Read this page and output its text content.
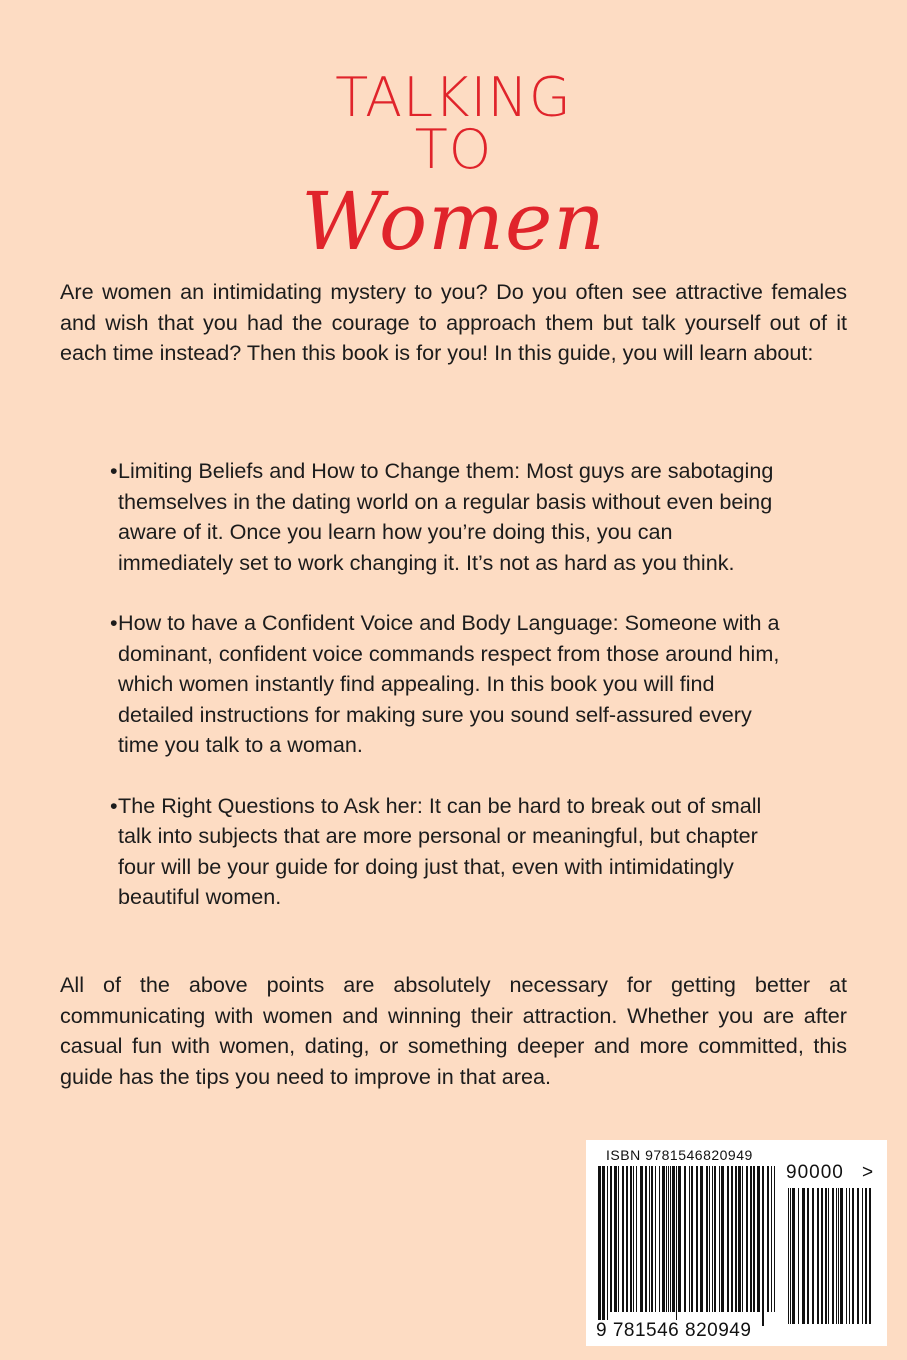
TALKING
TO
Women

Are women an intimidating mystery to you? Do you often see attractive females and wish that you had the courage to approach them but talk yourself out of it each time instead? Then this book is for you! In this guide, you will learn about:

• Limiting Beliefs and How to Change them: Most guys are sabotaging themselves in the dating world on a regular basis without even being aware of it. Once you learn how you’re doing this, you can immediately set to work changing it. It’s not as hard as you think.
• How to have a Confident Voice and Body Language: Someone with a dominant, confident voice commands respect from those around him, which women instantly find appealing. In this book you will find detailed instructions for making sure you sound self-assured every time you talk to a woman.
• The Right Questions to Ask her: It can be hard to break out of small talk into subjects that are more personal or meaningful, but chapter four will be your guide for doing just that, even with intimidatingly beautiful women.

All of the above points are absolutely necessary for getting better at communicating with women and winning their attraction. Whether you are after casual fun with women, dating, or something deeper and more committed, this guide has the tips you need to improve in that area.

ISBN 9781546820949
90000 >
9 781546 820949
